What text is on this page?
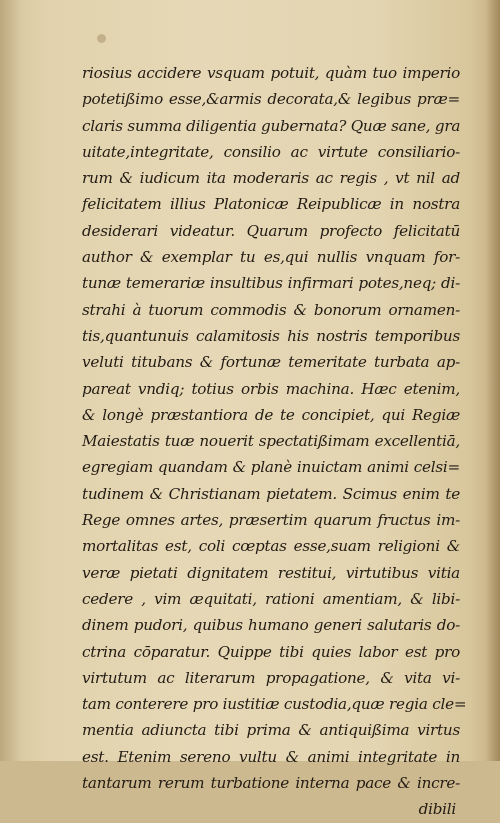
riosius accidere vsquam potuit, quàm tuo imperio
potetißimo esse,&armis decorata,& legibus præ=
claris summa diligentia gubernata? Quæ sane, gra
uitate,integritate, consilio ac virtute consiliario-
rum & iudicum ita moderaris ac regis , vt nil ad
felicitatem illius Platonicæ Reipublicæ in nostra
desiderari videatur. Quarum profecto felicitatū
author & exemplar tu es,qui nullis vnquam for-
tunæ temerariæ insultibus infirmari potes,neq; di-
strahi à tuorum commodis & bonorum ornamen-
tis,quantunuis calamitosis his nostris temporibus
veluti titubans & fortunæ temeritate turbata ap-
pareat vndiq; totius orbis machina. Hæc etenim,
& longè præstantiora de te concipiet, qui Regiæ
Maiestatis tuæ nouerit spectatißimam excellentiā,
egregiam quandam & planè inuictam animi celsi=
tudinem & Christianam pietatem. Scimus enim te
Rege omnes artes, præsertim quarum fructus im-
mortalitas est, coli cœptas esse,suam religioni &
veræ pietati dignitatem restitui, virtutibus vitia
cedere , vim æquitati, rationi amentiam, & libi-
dinem pudori, quibus humano generi salutaris do-
ctrina cōparatur. Quippe tibi quies labor est pro
virtutum ac literarum propagatione, & vita vi-
tam conterere pro iustitiæ custodia,quæ regia cle=
mentia adiuncta tibi prima & antiquißima virtus
est. Etenim sereno vultu & animi integritate in
tantarum rerum turbatione interna pace & incre-
dibili
